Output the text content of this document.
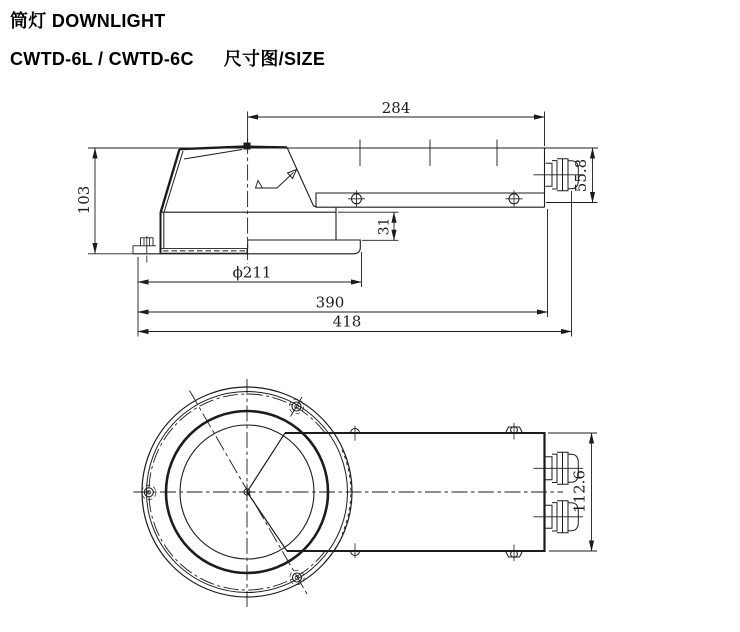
筒灯 DOWNLIGHT
CWTD-6L / CWTD-6C 尺寸图/SIZE
284
55.8
103
31
ϕ211
390
418
112.6
